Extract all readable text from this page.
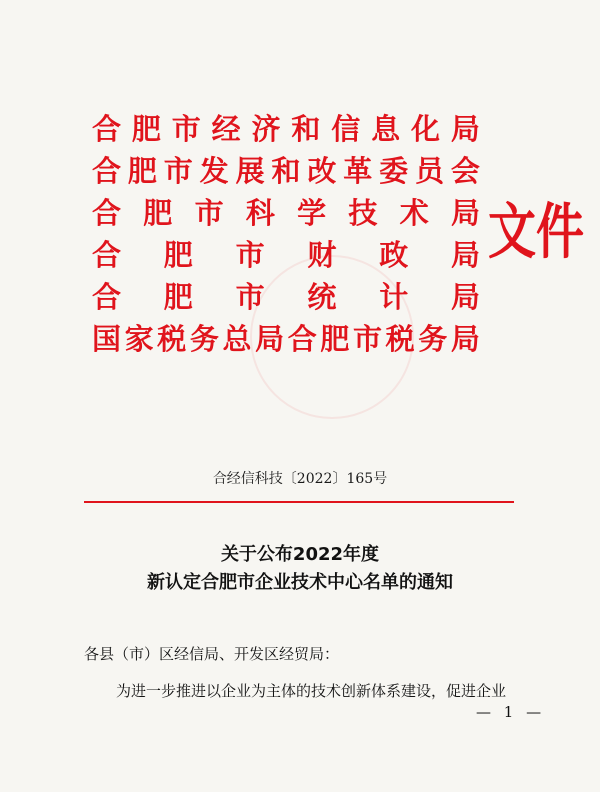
合 肥 市 经 济 和 信 息 化 局
合 肥 市 发 展 和 改 革 委 员 会
合 肥 市 科 学 技 术 局
合 肥 市 财 政 局
合 肥 市 统 计 局
国 家 税 务 总 局 合 肥 市 税 务 局
文件
合经信科技〔2022〕165号
关于公布2022年度
新认定合肥市企业技术中心名单的通知
各县（市）区经信局、开发区经贸局：
为进一步推进以企业为主体的技术创新体系建设，促进企业
— 1 —
